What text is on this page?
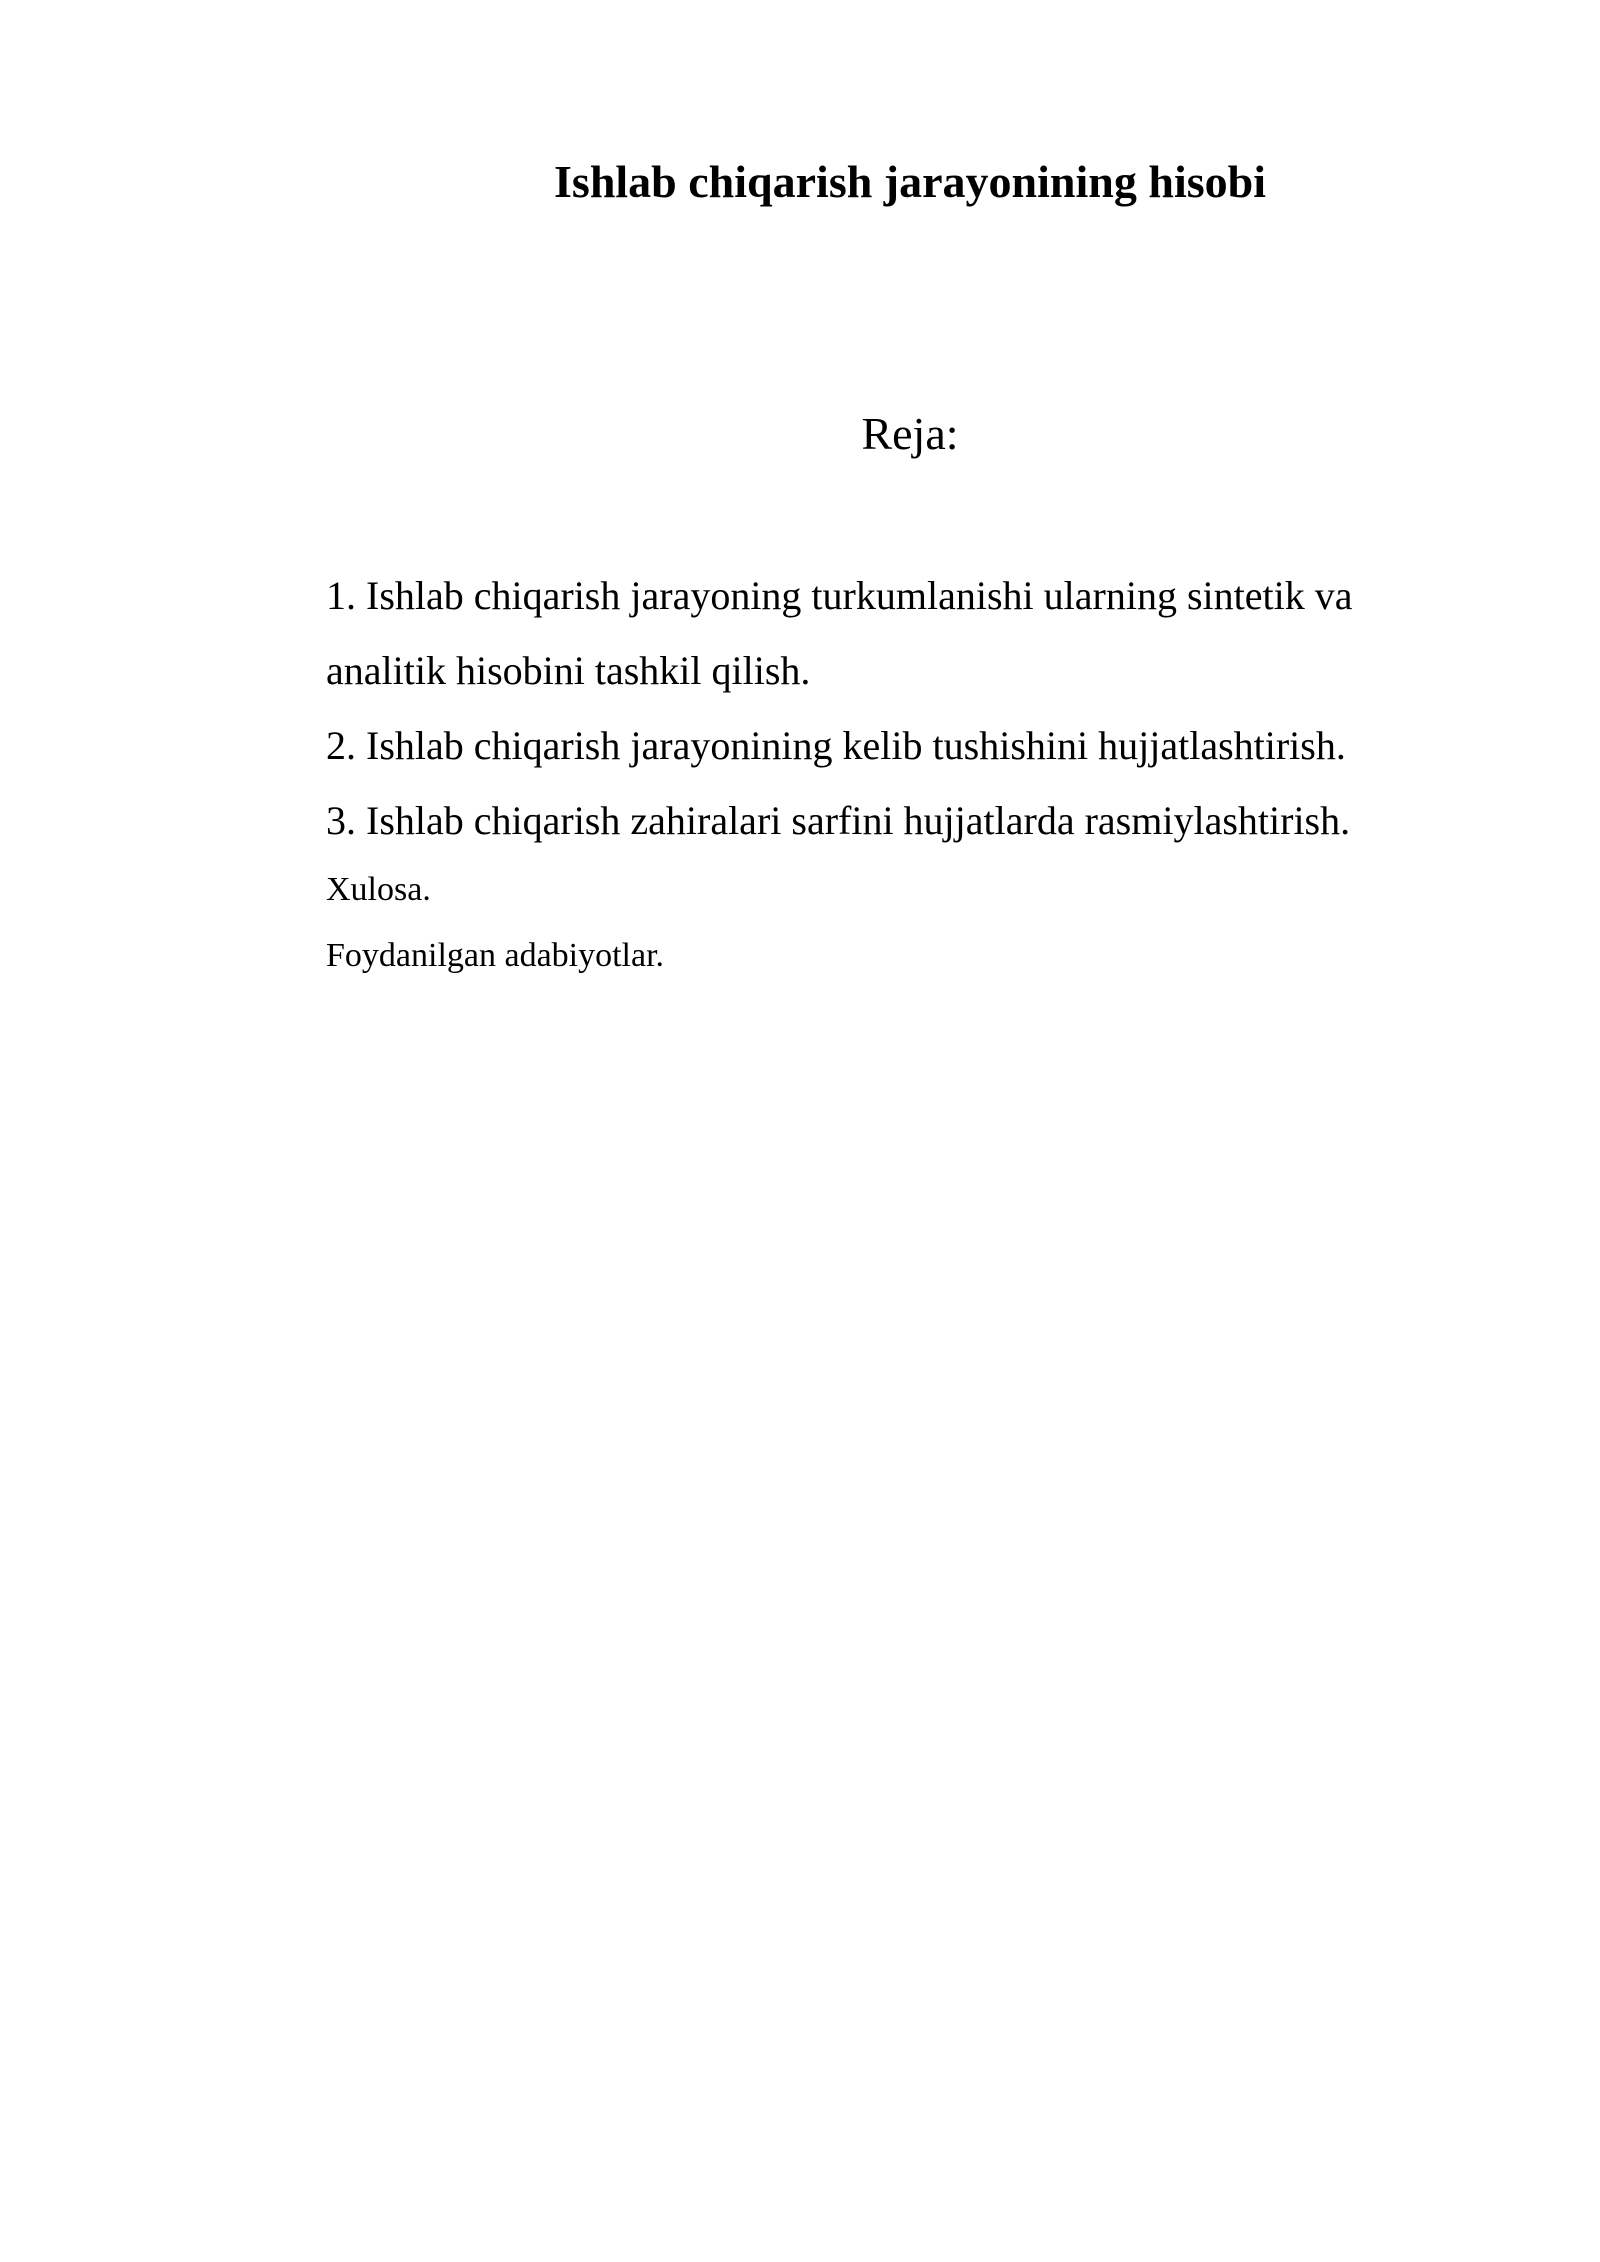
Ishlab chiqarish jarayonining hisobi
Reja:
1. Ishlab chiqarish jarayoning turkumlanishi ularning sintetik va analitik hisobini tashkil qilish.
2. Ishlab chiqarish jarayonining kelib tushishini hujjatlashtirish.
3. Ishlab chiqarish zahiralari sarfini hujjatlarda rasmiylashtirish.

Xulosa.

Foydanilgan adabiyotlar.
